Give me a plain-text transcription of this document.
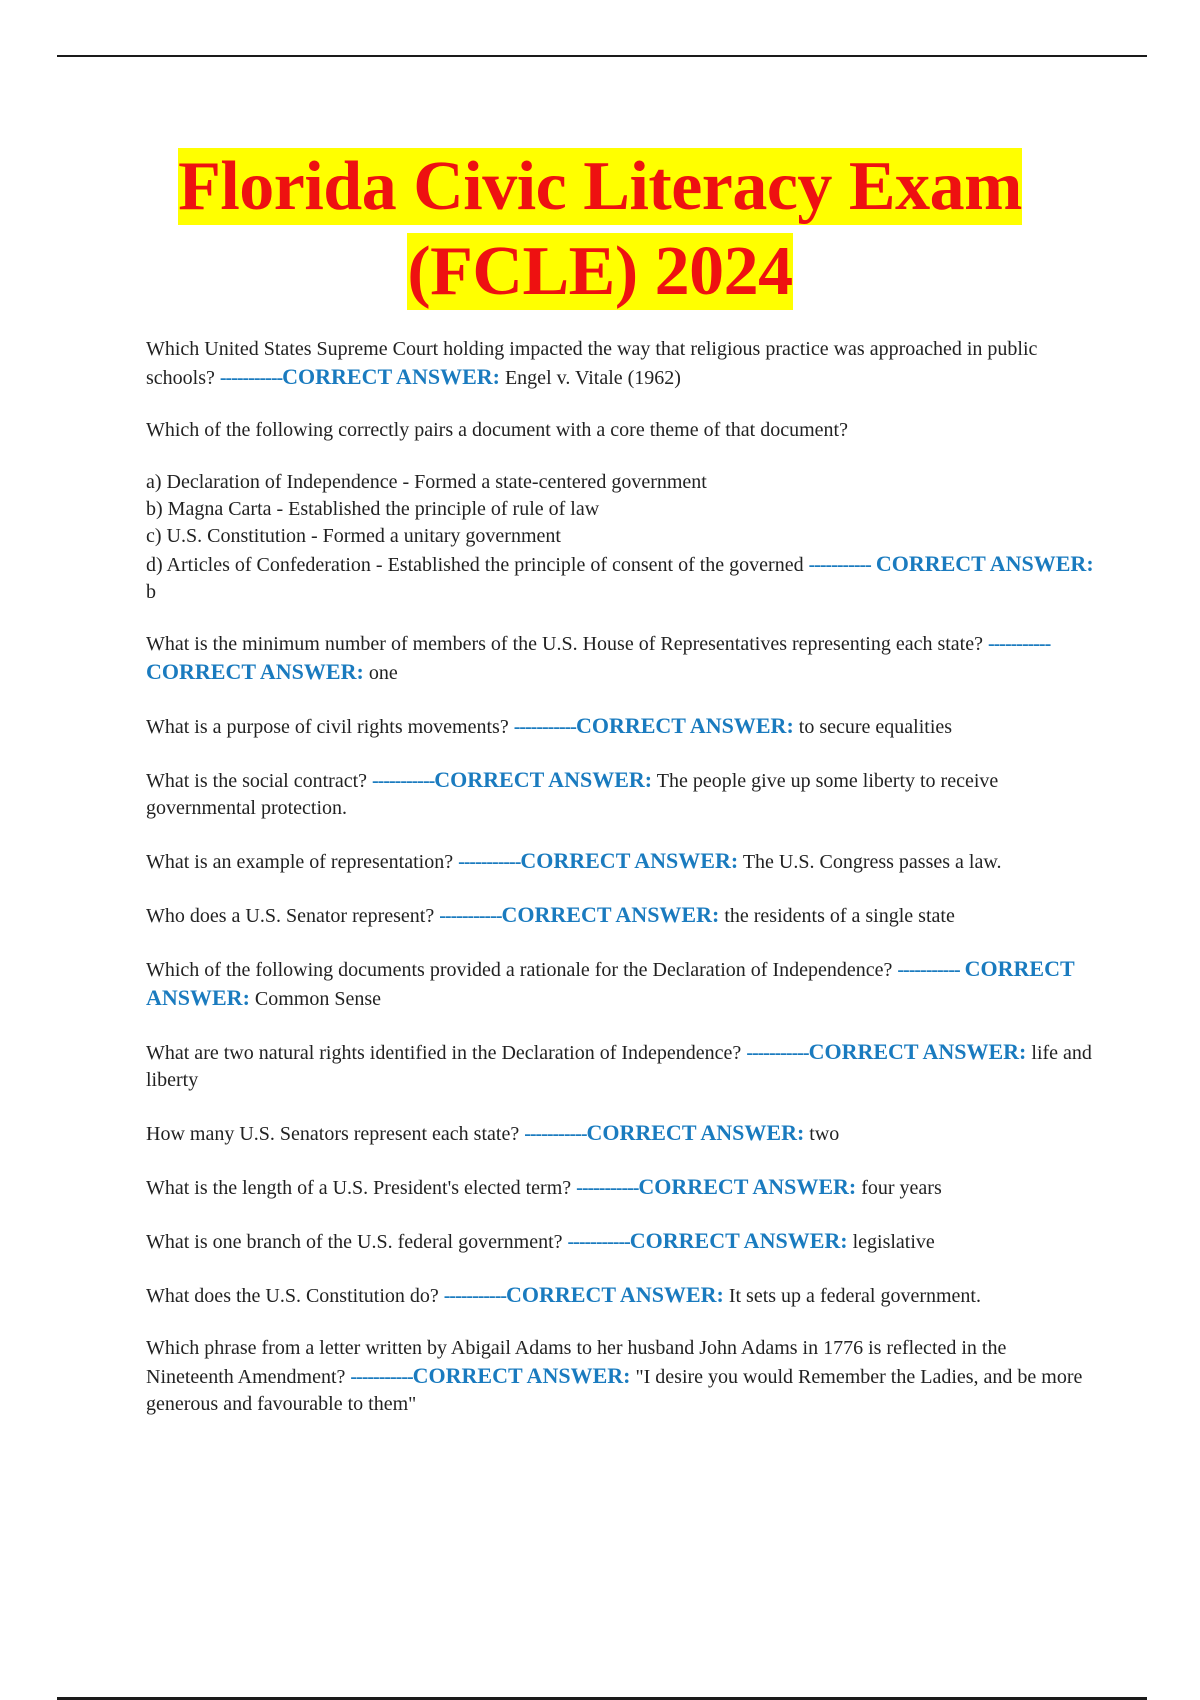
Florida Civic Literacy Exam
(FCLE) 2024

Which United States Supreme Court holding impacted the way that religious practice was approached in public schools? -----------CORRECT ANSWER: Engel v. Vitale (1962)

Which of the following correctly pairs a document with a core theme of that document?

a) Declaration of Independence - Formed a state-centered government
b) Magna Carta - Established the principle of rule of law
c) U.S. Constitution - Formed a unitary government
d) Articles of Confederation - Established the principle of consent of the governed ----------- CORRECT ANSWER: b

What is the minimum number of members of the U.S. House of Representatives representing each state? -----------CORRECT ANSWER: one

What is a purpose of civil rights movements? -----------CORRECT ANSWER: to secure equalities

What is the social contract? -----------CORRECT ANSWER: The people give up some liberty to receive governmental protection.

What is an example of representation? -----------CORRECT ANSWER: The U.S. Congress passes a law.

Who does a U.S. Senator represent? -----------CORRECT ANSWER: the residents of a single state

Which of the following documents provided a rationale for the Declaration of Independence? ----------- CORRECT ANSWER: Common Sense

What are two natural rights identified in the Declaration of Independence? -----------CORRECT ANSWER: life and liberty

How many U.S. Senators represent each state? -----------CORRECT ANSWER: two

What is the length of a U.S. President's elected term? -----------CORRECT ANSWER: four years

What is one branch of the U.S. federal government? -----------CORRECT ANSWER: legislative

What does the U.S. Constitution do? -----------CORRECT ANSWER: It sets up a federal government.

Which phrase from a letter written by Abigail Adams to her husband John Adams in 1776 is reflected in the Nineteenth Amendment? -----------CORRECT ANSWER: "I desire you would Remember the Ladies, and be more generous and favourable to them"
